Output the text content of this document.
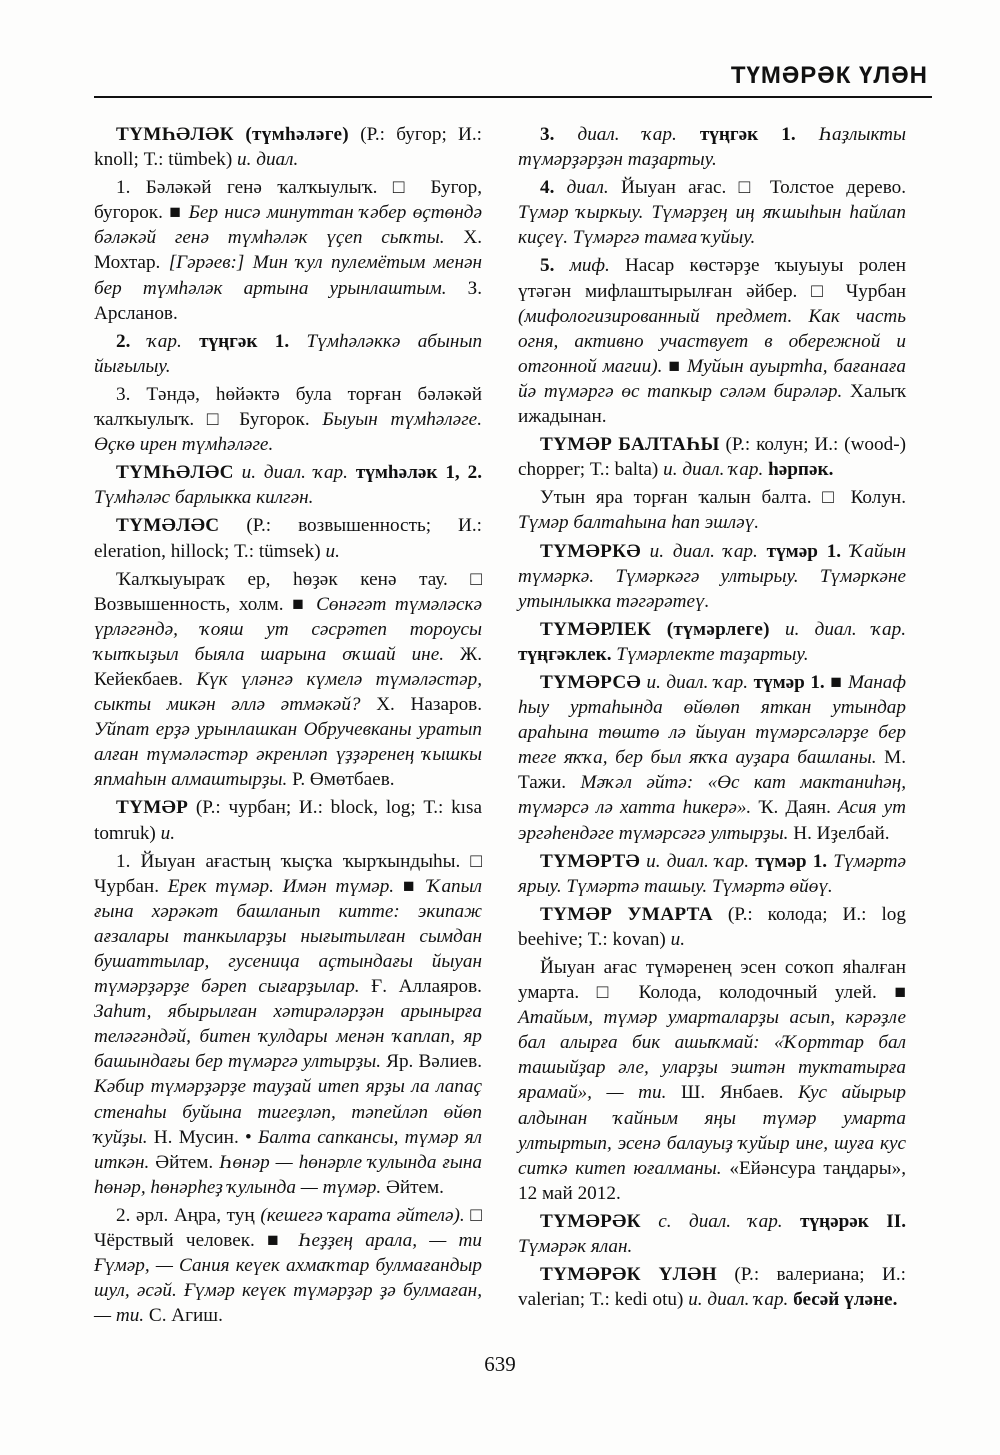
ТҮМӘРӘК ҮЛӘН

ТҮМҺӘЛӘК (түмһәләге) (Р.: бугор; И.: knoll; Т.: tümbek) и. диал.

1. Бәләкәй генә ҡалҡыулыҡ. □ Бугор, бугорок. ■ Бер нисә минуттан ҡәбер өҫтөндә бәләкәй генә түмһәләк үҫеп сыҡты. Х. Мохтар. [Гәрәев:] Мин ҡул пулемётым менән бер түмһәләк артына урынлаштым. З. Арсланов.

2. ҡар. түңгәк 1. Түмһәләккә абынып йығылыу.

3. Тәндә, һөйәктә була торған бәләкәй ҡалҡыулыҡ. □ Бугорок. Быуын түмһәләге. Өҫкө ирен түмһәләге.

ТҮМҺӘЛӘС и. диал. ҡар. түмһәләк 1, 2. Түмһәләс барлыкка килгән.

ТҮМӘЛӘС (Р.: возвышенность; И.: eleration, hillock; Т.: tümsek) и.

Ҡалҡыуыраҡ ер, һөҙәк кенә тау. □ Возвышенность, холм. ■ Сөнәгәт түмәләскә үрләгәндә, ҡояш ут сәсрәтеп тороусы ҡыпҡыҙыл быяла шарына оҡшай ине. Ж. Кейекбаев. Күк үләнгә күмелә түмәләстәр, сыкты микән әллә әтмәкәй? Х. Назаров. Уйпат ерҙә урынлашкан Обручевканы уратып алған түмәләстәр әкренләп үҙҙәренең ҡышкы япмаһын алмаштырҙы. Р. Өмөтбаев.

ТҮМӘР (Р.: чурбан; И.: block, log; Т.: kısa tomruk) и.

1. Йыуан ағастың ҡыҫҡа ҡырҡындыһы. □ Чурбан. Ерек түмәр. Имән түмәр. ■ Ҡапыл ғына хәрәкәт башланып китте: экипаж ағзалары танкыларҙы нығытылған сымдан бушаттылар, гусеница аҫтындағы йыуан түмәрҙәрҙе бәреп сығарҙылар. Ғ. Аллаяров. Заһит, ябырылған хәтирәләрҙән арынырға теләгәндәй, битен ҡулдары менән ҡаплап, яр башындағы бер түмәргә ултырҙы. Яр. Вәлиев. Кәбир түмәрҙәрҙе тауҙай итеп ярҙы ла лапаҫ стенаһы буйына тигеҙләп, тәпейләп өйөп ҡуйҙы. Н. Мусин. • Балта сапкансы, түмәр ял иткән. Әйтем. Һөнәр — һөнәрле ҡулында ғына һөнәр, һөнәрһеҙ ҡулында — түмәр. Әйтем.

2. әрл. Аңра, туң (кешегә ҡарата әйтелә). □ Чёрствый человек. ■ Һеҙҙең арала, — ти Ғүмәр, — Сания кеүек ахмаҡтар булмағандыр шул, әсәй. Ғүмәр кеүек түмәрҙәр ҙә булмаған, — ти. С. Агиш.

3. диал. ҡар. түңгәк 1. Һаҙлыкты түмәрҙәрҙән таҙартыу.

4. диал. Йыуан ағас. □ Толстое дерево. Түмәр ҡыркыу. Түмәрҙең иң яҡшыһын һайлап киҫеү. Түмәргә тамға ҡуйыу.

5. миф. Насар көстәрҙе ҡыуыуы ролен үтәгән мифлаштырылған әйбер. □ Чурбан (мифологизированный предмет. Как часть огня, активно участвует в обережной и отгонной магии). ■ Муйын ауыртһа, бағанаға йә түмәргә өс тапкыр сәләм бирәләр. Халыҡ ижадынан.

ТҮМӘР БАЛТАҺЫ (Р.: колун; И.: (wood-) chopper; Т.: balta) и. диал. ҡар. һәрпәк.

Утын яра торған ҡалын балта. □ Колун. Түмәр балтаһына һап эшләү.

ТҮМӘРКӘ и. диал. ҡар. түмәр 1. Ҡайын түмәркә. Түмәркәгә ултырыу. Түмәркәне утынлыкка тәгәрәтеү.

ТҮМӘРЛЕК (түмәрлеге) и. диал. ҡар. түңгәклек. Түмәрлекте таҙартыу.

ТҮМӘРСӘ и. диал. ҡар. түмәр 1. ■ Манаф һыу уртаһында өйөлөп яткан утындар араһына төштө лә йыуан түмәрсәләрҙе бер теге яҡҡа, бер был яҡҡа ауҙара башланы. М. Тажи. Мәҡәл әйтә: «Өс кат мактаниһәң, түмәрсә лә хатта һикерә». Ҡ. Даян. Асия ут эргәһендәге түмәрсәгә ултырҙы. Н. Иҙелбай.

ТҮМӘРТӘ и. диал. ҡар. түмәр 1. Түмәртә ярыу. Түмәртә ташыу. Түмәртә өйөү.

ТҮМӘР УМАРТА (Р.: колода; И.: log beehive; Т.: kovan) и.

Йыуан ағас түмәренең эсен соҡоп яһалған умарта. □ Колода, колодочный улей. ■ Атайым, түмәр умарталарҙы асып, кәрәҙле бал алырға бик ашыҡмай: «Ҡорттар бал ташыйҙар әле, уларҙы эштән туктатырға ярамай», — ти. Ш. Янбаев. Кус айырыр алдынан ҡайным яңы түмәр умарта ултыртып, эсенә балауыҙ ҡуйыр ине, шуға кус ситкә китеп юғалманы. «Ейәнсура таңдары», 12 май 2012.

ТҮМӘРӘК с. диал. ҡар. түңәрәк II. Түмәрәк ялан.

ТҮМӘРӘК ҮЛӘН (Р.: валериана; И.: valerian; Т.: kedi otu) и. диал. ҡар. бесәй үләне.

639
